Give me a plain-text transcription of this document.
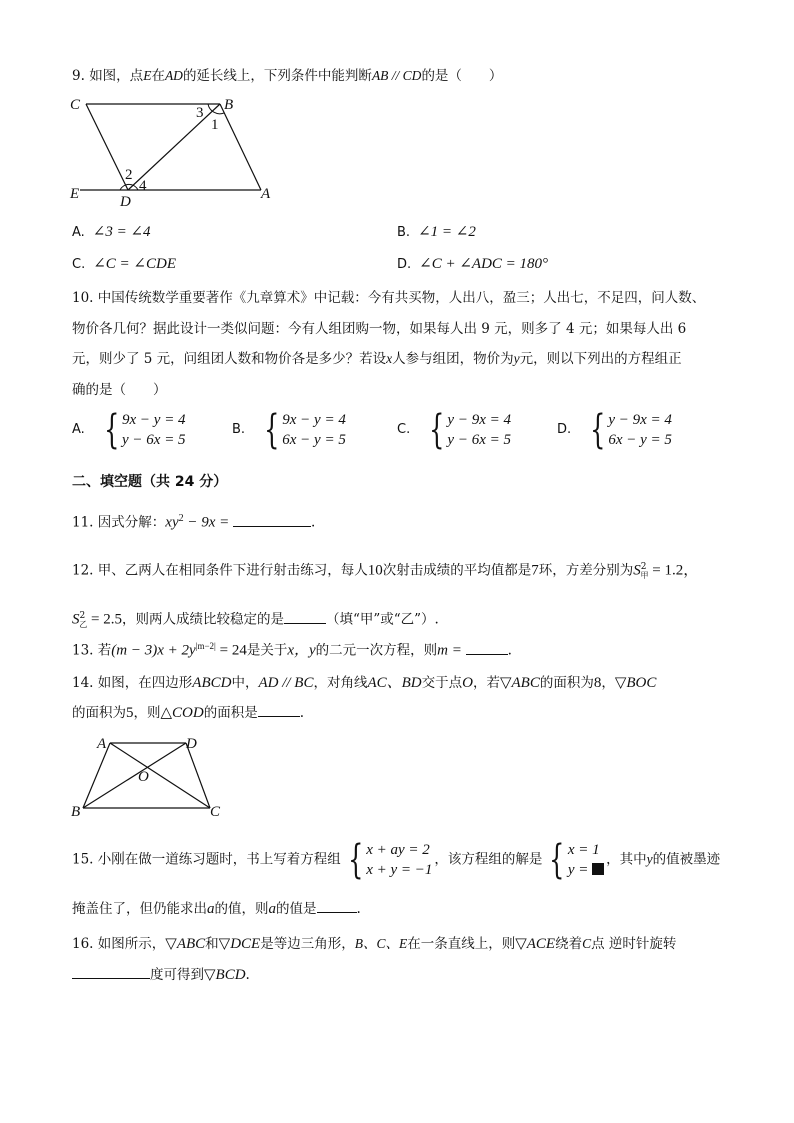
9. 如图，点E在AD的延长线上，下列条件中能判断AB // CD的是（　　）
C	B
E	D	A
3
1
2
4
A. ∠3 = ∠4	B. ∠1 = ∠2
C. ∠C = ∠CDE	D. ∠C + ∠ADC = 180°
10. 中国传统数学重要著作《九章算术》中记载：今有共买物，人出八，盈三；人出七，不足四，问人数、
物价各几何？据此设计一类似问题：今有人组团购一物，如果每人出 9 元，则多了 4 元；如果每人出 6
元，则少了 5 元，问组团人数和物价各是多少？若设x人参与组团，物价为y元，则以下列出的方程组正
确的是（　　）
A. { 9x − y = 4
y − 6x = 5
B. { 9x − y = 4
6x − y = 5
C. { y − 9x = 4
y − 6x = 5
D. { y − 9x = 4
6x − y = 5
二、填空题（共 24 分）
11. 因式分解：$xy^2 - 9x$ =	.
12. 甲、乙两人在相同条件下进行射击练习，每人10次射击成绩的平均值都是7环，方差分别为$S^2_甲 = 1.2$，
$S^2_乙 = 2.5$，则两人成绩比较稳定的是	（填“甲”或“乙”）.
13. 若$(m - 3)x + 2y^{|m-2|} = 24$是关于x，y的二元一次方程，则m =	.
14. 如图，在四边形ABCD中，AD // BC，对角线AC、BD交于点O，若▽ABC的面积为8，▽BOC
的面积为5，则△COD的面积是	.
A	D
O
B	C
15. 小刚在做一道练习题时，书上写着方程组 { x + ay = 2
x + y = −1
，该方程组的解是 { x = 1
y =
，其中y的值被墨迹
掩盖住了，但仍能求出a的值，则a的值是	.
16. 如图所示，▽ABC和▽DCE是等边三角形，B、C、E在一条直线上，则▽ACE绕着C点 逆时针旋转
度可得到▽BCD.
